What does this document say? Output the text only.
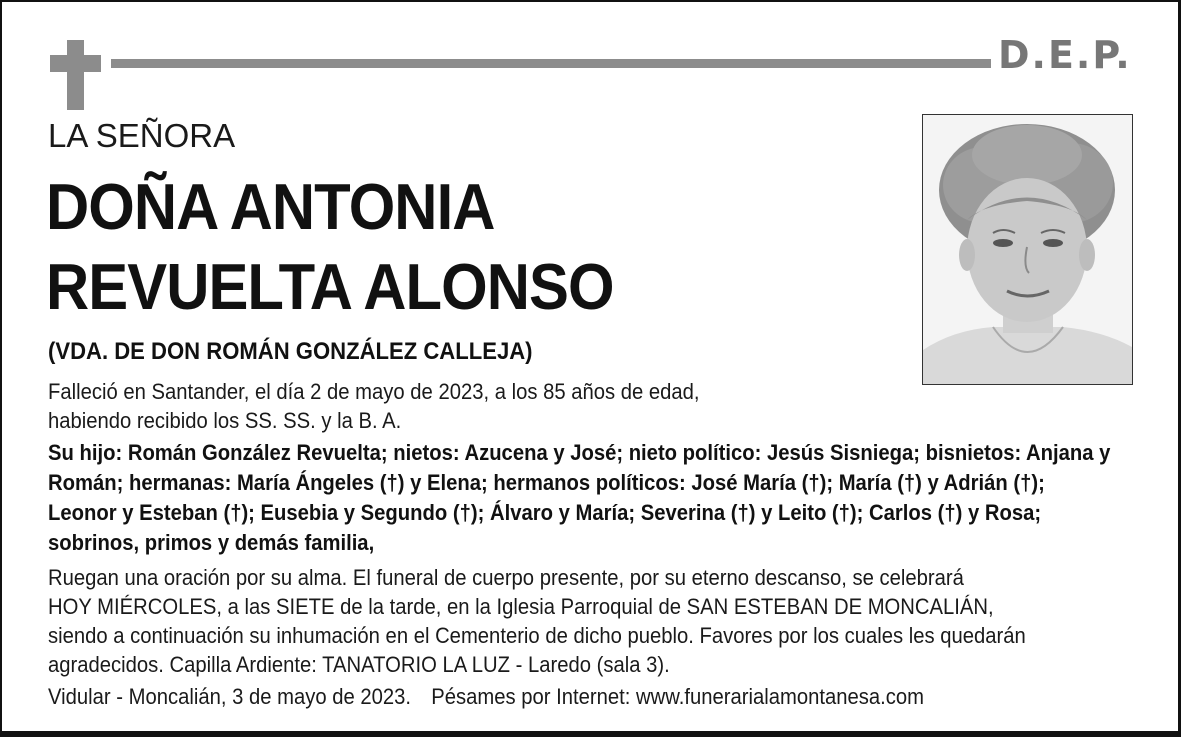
D.E.P.
LA SEÑORA
DOÑA ANTONIA
REVUELTA ALONSO
(VDA. DE DON ROMÁN GONZÁLEZ CALLEJA)
Falleció en Santander, el día 2 de mayo de 2023, a los 85 años de edad,
habiendo recibido los SS. SS. y la B. A.
Su hijo: Román González Revuelta; nietos: Azucena y José; nieto político: Jesús Sisniega; bisnietos: Anjana y
Román; hermanas: María Ángeles (†) y Elena; hermanos políticos: José María (†); María (†) y Adrián (†);
Leonor y Esteban (†); Eusebia y Segundo (†); Álvaro y María; Severina (†) y Leito (†); Carlos (†) y Rosa;
sobrinos, primos y demás familia,
Ruegan una oración por su alma. El funeral de cuerpo presente, por su eterno descanso, se celebrará
HOY MIÉRCOLES, a las SIETE de la tarde, en la Iglesia Parroquial de SAN ESTEBAN DE MONCALIÁN,
siendo a continuación su inhumación en el Cementerio de dicho pueblo. Favores por los cuales les quedarán
agradecidos. Capilla Ardiente: TANATORIO LA LUZ - Laredo (sala 3).
Vidular - Moncalián, 3 de mayo de 2023. Pésames por Internet: www.funerarialamontanesa.com
